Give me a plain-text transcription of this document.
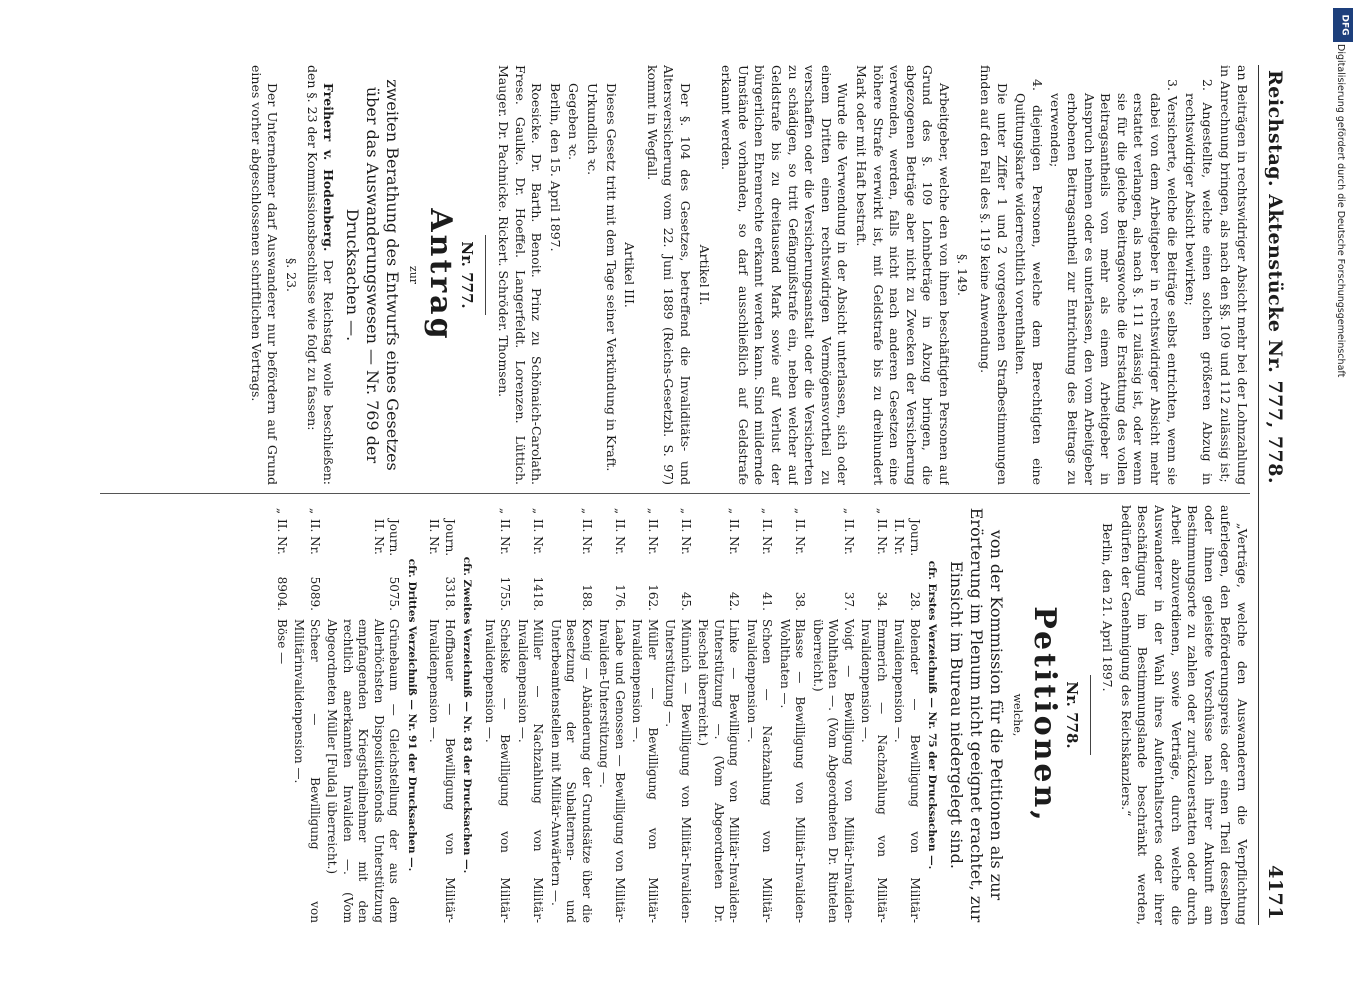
Reichstag. Aktenstücke Nr. 777, 778.
4171

an Beiträgen in rechtswidriger Absicht mehr bei der Lohnzahlung in Anrechnung bringen, als nach den §§. 109 und 112 zulässig ist;

2. Angestellte, welche einen solchen größeren Abzug in rechtswidriger Absicht bewirken;

3. Versicherte, welche die Beiträge selbst entrichten, wenn sie dabei von dem Arbeitgeber in rechtswidriger Absicht mehr erstattet verlangen, als nach §. 111 zulässig ist, oder wenn sie für die gleiche Beitragswoche die Erstattung des vollen Beitragsantheils von mehr als einem Arbeitgeber in Anspruch nehmen oder es unterlassen, den vom Arbeitgeber erhobenen Beitragsantheil zur Entrichtung des Beitrags zu verwenden;

4. diejenigen Personen, welche dem Berechtigten eine Quittungskarte widerrechtlich vorenthalten.

Die unter Ziffer 1 und 2 vorgesehenen Strafbestimmungen finden auf den Fall des §. 119 keine Anwendung.

§. 149.

Arbeitgeber, welche den von ihnen beschäftigten Personen auf Grund des §. 109 Lohnbeträge in Abzug bringen, die abgezogenen Beträge aber nicht zu Zwecken der Versicherung verwenden, werden, falls nicht nach anderen Gesetzen eine höhere Strafe verwirkt ist, mit Geldstrafe bis zu dreihundert Mark oder mit Haft bestraft.

Wurde die Verwendung in der Absicht unterlassen, sich oder einem Dritten einen rechtswidrigen Vermögensvortheil zu verschaffen oder die Versicherungsanstalt oder die Versicherten zu schädigen, so tritt Gefängnißstrafe ein, neben welcher auf Geldstrafe bis zu dreitausend Mark sowie auf Verlust der bürgerlichen Ehrenrechte erkannt werden kann. Sind mildernde Umstände vorhanden, so darf ausschließlich auf Geldstrafe erkannt werden.

Artikel II.

Der §. 104 des Gesetzes, betreffend die Invaliditäts- und Altersversicherung vom 22. Juni 1889 (Reichs-Gesetzbl. S. 97) kommt in Wegfall.

Artikel III.

Dieses Gesetz tritt mit dem Tage seiner Verkündung in Kraft.

Urkundlich ꝛc.

Gegeben ꝛc.

Berlin, den 15. April 1897.

Roesicke. Dr. Barth. Benoit. Prinz zu Schönaich-Carolath. Frese. Gaulke. Dr. Hoeffel. Langerfeldt. Lorenzen. Lüttich. Mauger. Dr. Pachnicke. Rickert. Schröder. Thomsen.

Nr. 777.

Antrag

zur

zweiten Berathung des Entwurfs eines Gesetzes über das Auswanderungswesen — Nr. 769 der Drucksachen —.

Freiherr v. Hodenberg. Der Reichstag wolle beschließen: den §. 23 der Kommissionsbeschlüsse wie folgt zu fassen:

§. 23.

Der Unternehmer darf Auswanderer nur befördern auf Grund eines vorher abgeschlossenen schriftlichen Vertrags.

„Verträge, welche den Auswanderern die Verpflichtung auferlegen, den Beförderungspreis oder einen Theil desselben oder ihnen geleistete Vorschüsse nach ihrer Ankunft am Bestimmungsorte zu zahlen oder zurückzuerstatten oder durch Arbeit abzuverdienen, sowie Verträge, durch welche die Auswanderer in der Wahl ihres Aufenthaltsortes oder ihrer Beschäftigung im Bestimmungslande beschränkt werden, bedürfen der Genehmigung des Reichskanzlers.“

Berlin, den 21. April 1897.

Nr. 778.

Petitionen,

welche,

von der Kommission für die Petitionen als zur Erörterung im Plenum nicht geeignet erachtet, zur Einsicht im Bureau niedergelegt sind.

cfr. Erstes Verzeichniß — Nr. 75 der Drucksachen —.

	Journ. II. Nr.	28.	Bolender — Bewilligung von Militär-Invalidenpension —.
„	II. Nr.	34.	Emmerich — Nachzahlung von Militär-Invalidenpension —.
„	II. Nr.	37.	Voigt — Bewilligung von Militär-Invaliden-Wohlthaten —. (Vom Abgeordneten Dr. Rintelen überreicht.)
„	II. Nr.	38.	Blasse — Bewilligung von Militär-Invaliden-Wohlthaten —.
„	II. Nr.	41.	Schoen — Nachzahlung von Militär-Invalidenpension —.
„	II. Nr.	42.	Linke — Bewilligung von Militär-Invaliden-Unterstützung —. (Vom Abgeordneten Dr. Pieschel überreicht.)
„	II. Nr.	45.	Münnich — Bewilligung von Militär-Invaliden-Unterstützung —.
„	II. Nr.	162.	Müller — Bewilligung von Militär-Invalidenpension —.
„	II. Nr.	176.	Laabe und Genossen — Bewilligung von Militär-Invaliden-Unterstützung —.
„	II. Nr.	188.	Koenig — Abänderung der Grundsätze über die Besetzung der Subalternen- und Unterbeamtenstellen mit Militär-Anwärtern —.
„	II. Nr.	1418.	Müller — Nachzahlung von Militär-Invalidenpension —.
„	II. Nr.	1755.	Schelske — Bewilligung von Militär-Invalidenpension —.

cfr. Zweites Verzeichniß — Nr. 83 der Drucksachen —.

	Journ. II. Nr.	3318.	Hoffbauer — Bewilligung von Militär-Invalidenpension —.

cfr. Drittes Verzeichniß — Nr. 91 der Drucksachen —.

	Journ. II. Nr.	5075.	Grünebaum — Gleichstellung der aus dem Allerhöchsten Dispositionsfonds Unterstützung empfangenden Kriegstheilnehmer mit den rechtlich anerkannten Invaliden —. (Vom Abgeordneten Müller [Fulda] überreicht.)
„	II. Nr.	5089.	Scheer — Bewilligung von Militärinvalidenpension —.
„	II. Nr.	8904.	Böse —
DFG
Digitalisierung gefördert durch die Deutsche Forschungsgemeinschaft
